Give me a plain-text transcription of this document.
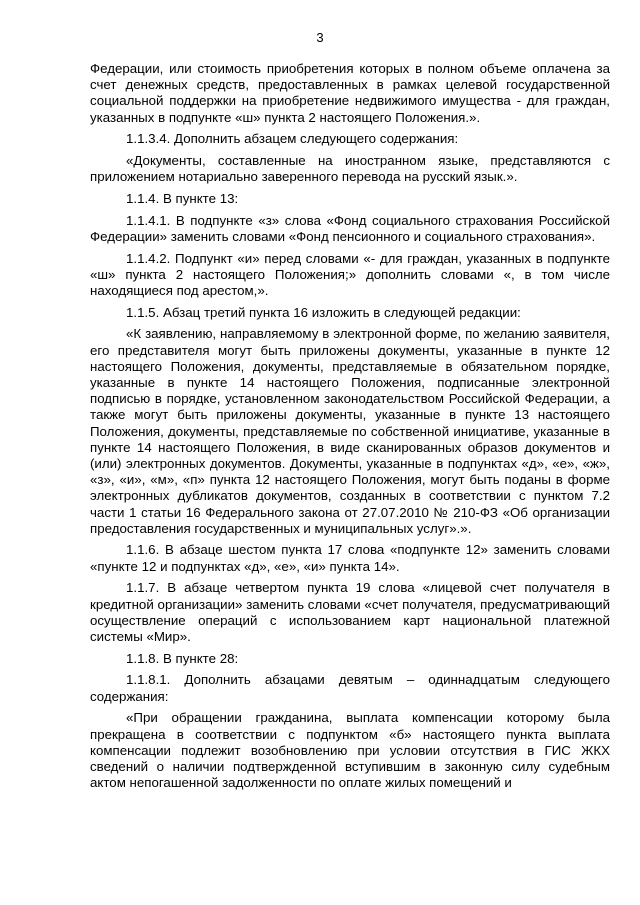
3

Федерации, или стоимость приобретения которых в полном объеме оплачена за счет денежных средств, предоставленных в рамках целевой государственной социальной поддержки на приобретение недвижимого имущества - для граждан, указанных в подпункте «ш» пункта 2 настоящего Положения.».

1.1.3.4. Дополнить абзацем следующего содержания:

«Документы, составленные на иностранном языке, представляются с приложением нотариально заверенного перевода на русский язык.».

1.1.4. В пункте 13:

1.1.4.1. В подпункте «з» слова «Фонд социального страхования Российской Федерации» заменить словами «Фонд пенсионного и социального страхования».

1.1.4.2. Подпункт «и» перед словами «- для граждан, указанных в подпункте «ш» пункта 2 настоящего Положения;» дополнить словами «, в том числе находящиеся под арестом,».

1.1.5. Абзац третий пункта 16 изложить в следующей редакции:

«К заявлению, направляемому в электронной форме, по желанию заявителя, его представителя могут быть приложены документы, указанные в пункте 12 настоящего Положения, документы, представляемые в обязательном порядке, указанные в пункте 14 настоящего Положения, подписанные электронной подписью в порядке, установленном законодательством Российской Федерации, а также могут быть приложены документы, указанные в пункте 13 настоящего Положения, документы, представляемые по собственной инициативе, указанные в пункте 14 настоящего Положения, в виде сканированных образов документов и (или) электронных документов. Документы, указанные в подпунктах «д», «е», «ж», «з», «и», «м», «п» пункта 12 настоящего Положения, могут быть поданы в форме электронных дубликатов документов, созданных в соответствии с пунктом 7.2 части 1 статьи 16 Федерального закона от 27.07.2010 № 210-ФЗ «Об организации предоставления государственных и муниципальных услуг».».

1.1.6. В абзаце шестом пункта 17 слова «подпункте 12» заменить словами «пункте 12 и подпунктах «д», «е», «и» пункта 14».

1.1.7. В абзаце четвертом пункта 19 слова «лицевой счет получателя в кредитной организации» заменить словами «счет получателя, предусматривающий осуществление операций с использованием карт национальной платежной системы «Мир».

1.1.8. В пункте 28:

1.1.8.1. Дополнить абзацами девятым – одиннадцатым следующего содержания:

«При обращении гражданина, выплата компенсации которому была прекращена в соответствии с подпунктом «б» настоящего пункта выплата компенсации подлежит возобновлению при условии отсутствия в ГИС ЖКХ сведений о наличии подтвержденной вступившим в законную силу судебным актом непогашенной задолженности по оплате жилых помещений и
